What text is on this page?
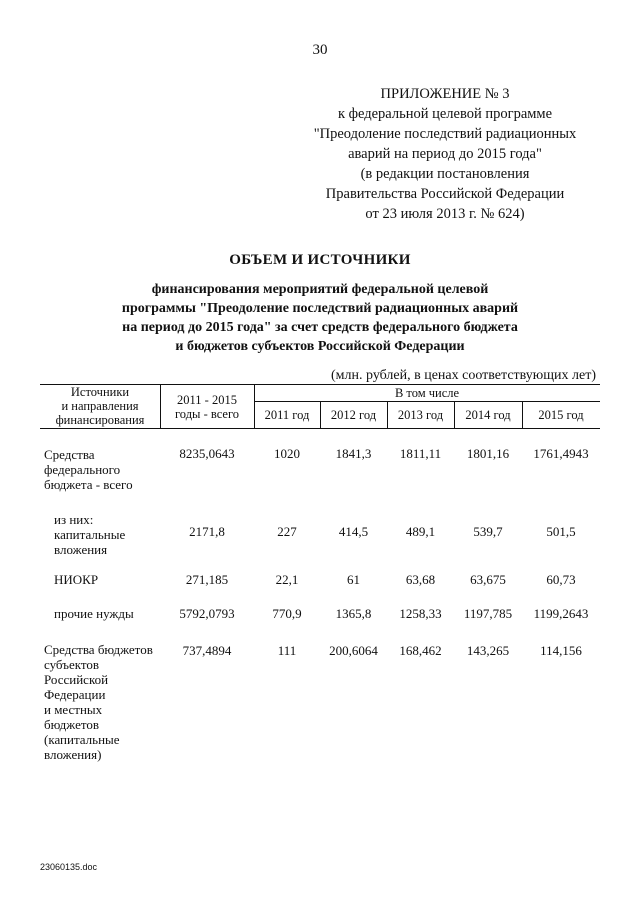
30
ПРИЛОЖЕНИЕ № 3
к федеральной целевой программе
"Преодоление последствий радиационных
аварий на период до 2015 года"
(в редакции постановления
Правительства Российской Федерации
от 23 июля 2013 г. № 624)
ОБЪЕМ И ИСТОЧНИКИ
финансирования мероприятий федеральной целевой
программы "Преодоление последствий радиационных аварий
на период до 2015 года" за счет средств федерального бюджета
и бюджетов субъектов Российской Федерации
(млн. рублей, в ценах соответствующих лет)
Источники
и направления
финансирования
2011 - 2015
годы - всего
В том числе
2011 год	2012 год	2013 год	2014 год	2015 год
Средства
федерального
бюджета - всего
8235,0643	1020	1841,3	1811,11	1801,16	1761,4943
из них:
капитальные
вложения
2171,8	227	414,5	489,1	539,7	501,5
НИОКР	271,185	22,1	61	63,68	63,675	60,73
прочие нужды	5792,0793	770,9	1365,8	1258,33	1197,785	1199,2643
Средства бюджетов
субъектов
Российской
Федерации
и местных
бюджетов
(капитальные
вложения)
737,4894	111	200,6064	168,462	143,265	114,156
23060135.doc
